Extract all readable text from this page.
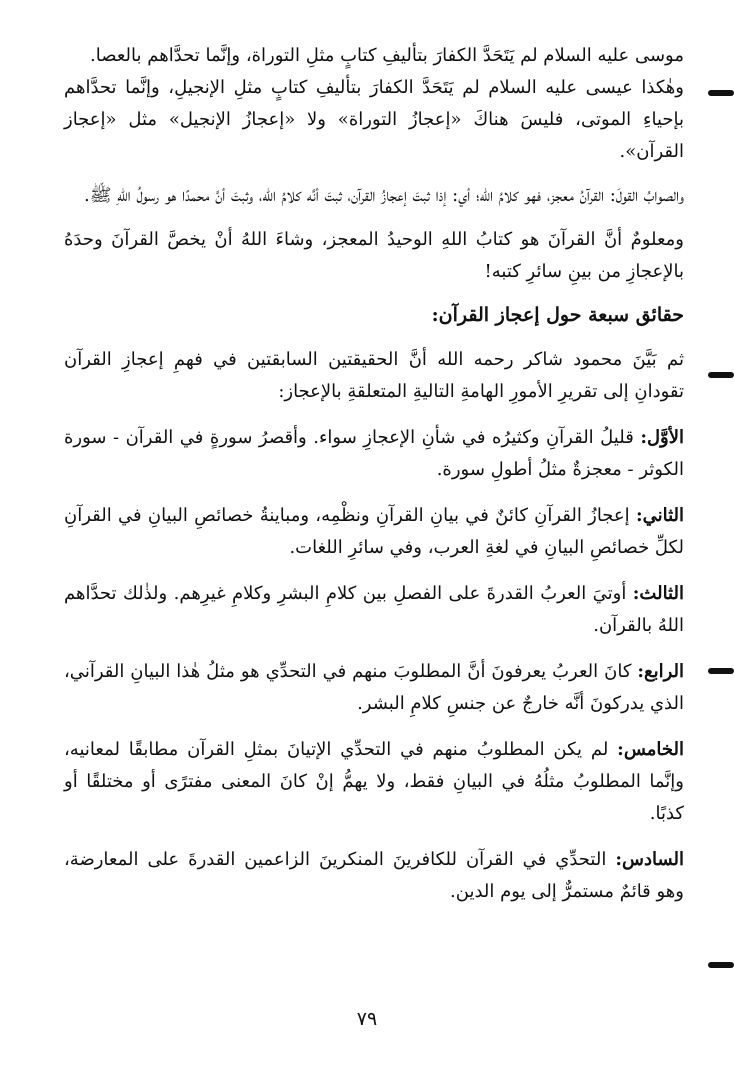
موسى عليه السلام لم يَتَحَدَّ الكفارَ بتأليفِ كتابٍ مثلِ التوراة، وإنَّما تحدَّاهم بالعصا.

وهٰكذا عيسى عليه السلام لم يَتَحَدَّ الكفارَ بتأليفِ كتابٍ مثلِ الإنجيلِ، وإنَّما تحدَّاهم بإحياءِ الموتى، فليسَ هناكَ «إعجازُ التوراة» ولا «إعجازُ الإنجيل» مثل «إعجاز القرآن».

والصوابُ القولَ: القرآنُ معجز، فهو كلامُ الله؛ أي: إذا ثبتَ إعجازُ القرآن، ثبتَ أنَّه كلامُ الله، وثبتَ أنَّ محمدًا هو رسولُ اللهِ ﷺ.

ومعلومٌ أنَّ القرآنَ هو كتابُ اللهِ الوحيدُ المعجز، وشاءَ اللهُ أنْ يخصَّ القرآنَ وحدَهُ بالإعجازِ من بينِ سائرِ كتبه!

حقائق سبعة حول إعجاز القرآن:

ثم بَيَّنَ محمود شاكر رحمه الله أنَّ الحقيقتين السابقتين في فهمِ إعجازِ القرآن تقودانِ إلى تقريرِ الأمورِ الهامةِ التاليةِ المتعلقةِ بالإعجاز:

الأوَّل: قليلُ القرآنِ وكثيرُه في شأنِ الإعجازِ سواء. وأقصرُ سورةٍ في القرآن - سورة الكوثر - معجزةٌ مثلُ أطولِ سورة.

الثاني: إعجازُ القرآنِ كائنٌ في بيانِ القرآنِ ونظْمِه، ومباينةُ خصائصِ البيانِ في القرآنِ لكلِّ خصائصِ البيانِ في لغةِ العرب، وفي سائرِ اللغات.

الثالث: أوتيَ العربُ القدرةَ على الفصلِ بين كلامِ البشرِ وكلامِ غيرِهم. ولذٰلك تحدَّاهم اللهُ بالقرآن.

الرابع: كانَ العربُ يعرفونَ أنَّ المطلوبَ منهم في التحدِّي هو مثلُ هٰذا البيانِ القرآني، الذي يدركونَ أنَّه خارجٌ عن جنسِ كلامِ البشر.

الخامس: لم يكن المطلوبُ منهم في التحدِّي الإتيانَ بمثلِ القرآن مطابقًا لمعانيه، وإنَّما المطلوبُ مثلُهُ في البيانِ فقط، ولا يهمُّ إنْ كانَ المعنى مفترًى أو مختلقًا أو كذبًا.

السادس: التحدِّي في القرآن للكافرينَ المنكرينَ الزاعمين القدرةَ على المعارضة، وهو قائمٌ مستمرٌّ إلى يوم الدين.

٧٩
